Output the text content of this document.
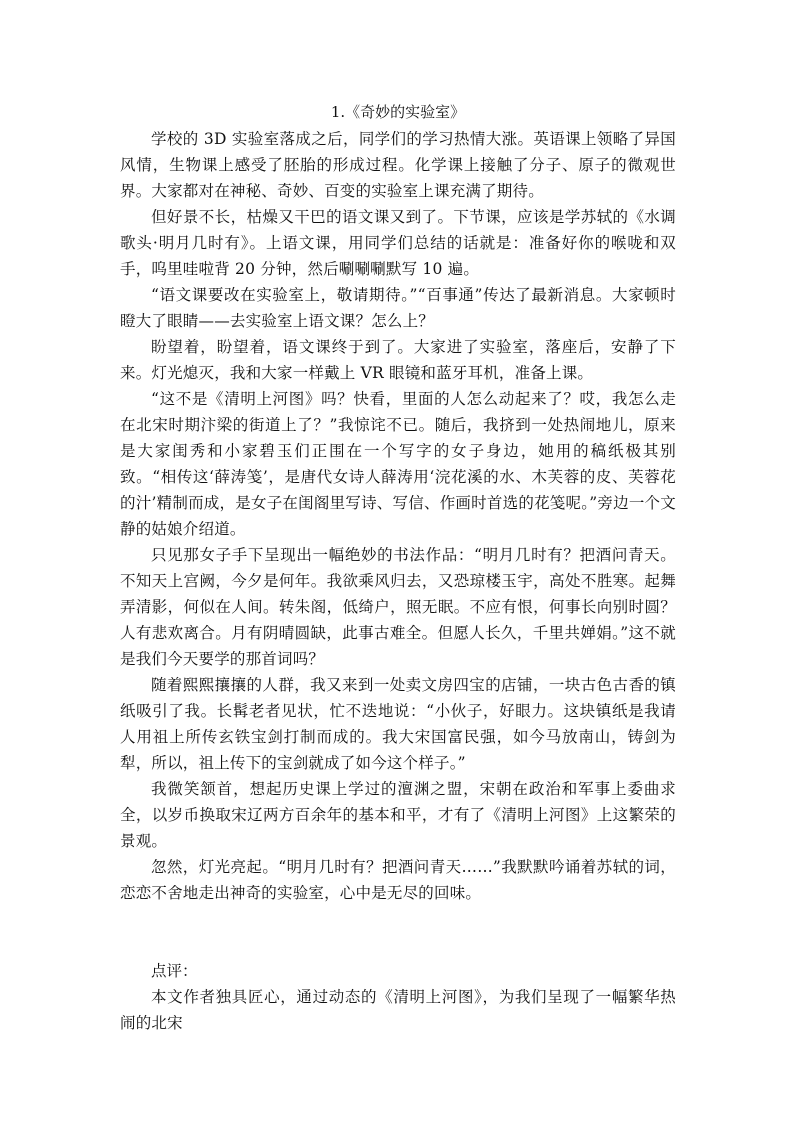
1.《奇妙的实验室》

学校的 3D 实验室落成之后，同学们的学习热情大涨。英语课上领略了异国风情，生物课上感受了胚胎的形成过程。化学课上接触了分子、原子的微观世界。大家都对在神秘、奇妙、百变的实验室上课充满了期待。

但好景不长，枯燥又干巴的语文课又到了。下节课，应该是学苏轼的《水调歌头·明月几时有》。上语文课，用同学们总结的话就是：准备好你的喉咙和双手，呜里哇啦背 20 分钟，然后唰唰唰默写 10 遍。

“语文课要改在实验室上，敬请期待。”“百事通”传达了最新消息。大家顿时瞪大了眼睛——去实验室上语文课？怎么上？

盼望着，盼望着，语文课终于到了。大家进了实验室，落座后，安静了下来。灯光熄灭，我和大家一样戴上 VR 眼镜和蓝牙耳机，准备上课。

“这不是《清明上河图》吗？快看，里面的人怎么动起来了？哎，我怎么走在北宋时期汴梁的街道上了？”我惊诧不已。随后，我挤到一处热闹地儿，原来是大家闺秀和小家碧玉们正围在一个写字的女子身边，她用的稿纸极其别致。“相传这‘薛涛笺’，是唐代女诗人薛涛用‘浣花溪的水、木芙蓉的皮、芙蓉花的汁’精制而成，是女子在闺阁里写诗、写信、作画时首选的花笺呢。”旁边一个文静的姑娘介绍道。

只见那女子手下呈现出一幅绝妙的书法作品：“明月几时有？把酒问青天。不知天上宫阙，今夕是何年。我欲乘风归去，又恐琼楼玉宇，高处不胜寒。起舞弄清影，何似在人间。转朱阁，低绮户，照无眠。不应有恨，何事长向别时圆？人有悲欢离合。月有阴晴圆缺，此事古难全。但愿人长久，千里共婵娟。”这不就是我们今天要学的那首词吗？

随着熙熙攘攘的人群，我又来到一处卖文房四宝的店铺，一块古色古香的镇纸吸引了我。长髯老者见状，忙不迭地说：“小伙子，好眼力。这块镇纸是我请人用祖上所传玄铁宝剑打制而成的。我大宋国富民强，如今马放南山，铸剑为犁，所以，祖上传下的宝剑就成了如今这个样子。”

我微笑颔首，想起历史课上学过的澶渊之盟，宋朝在政治和军事上委曲求全，以岁币换取宋辽两方百余年的基本和平，才有了《清明上河图》上这繁荣的景观。

忽然，灯光亮起。“明月几时有？把酒问青天……”我默默吟诵着苏轼的词，恋恋不舍地走出神奇的实验室，心中是无尽的回味。

点评：

本文作者独具匠心，通过动态的《清明上河图》，为我们呈现了一幅繁华热闹的北宋
